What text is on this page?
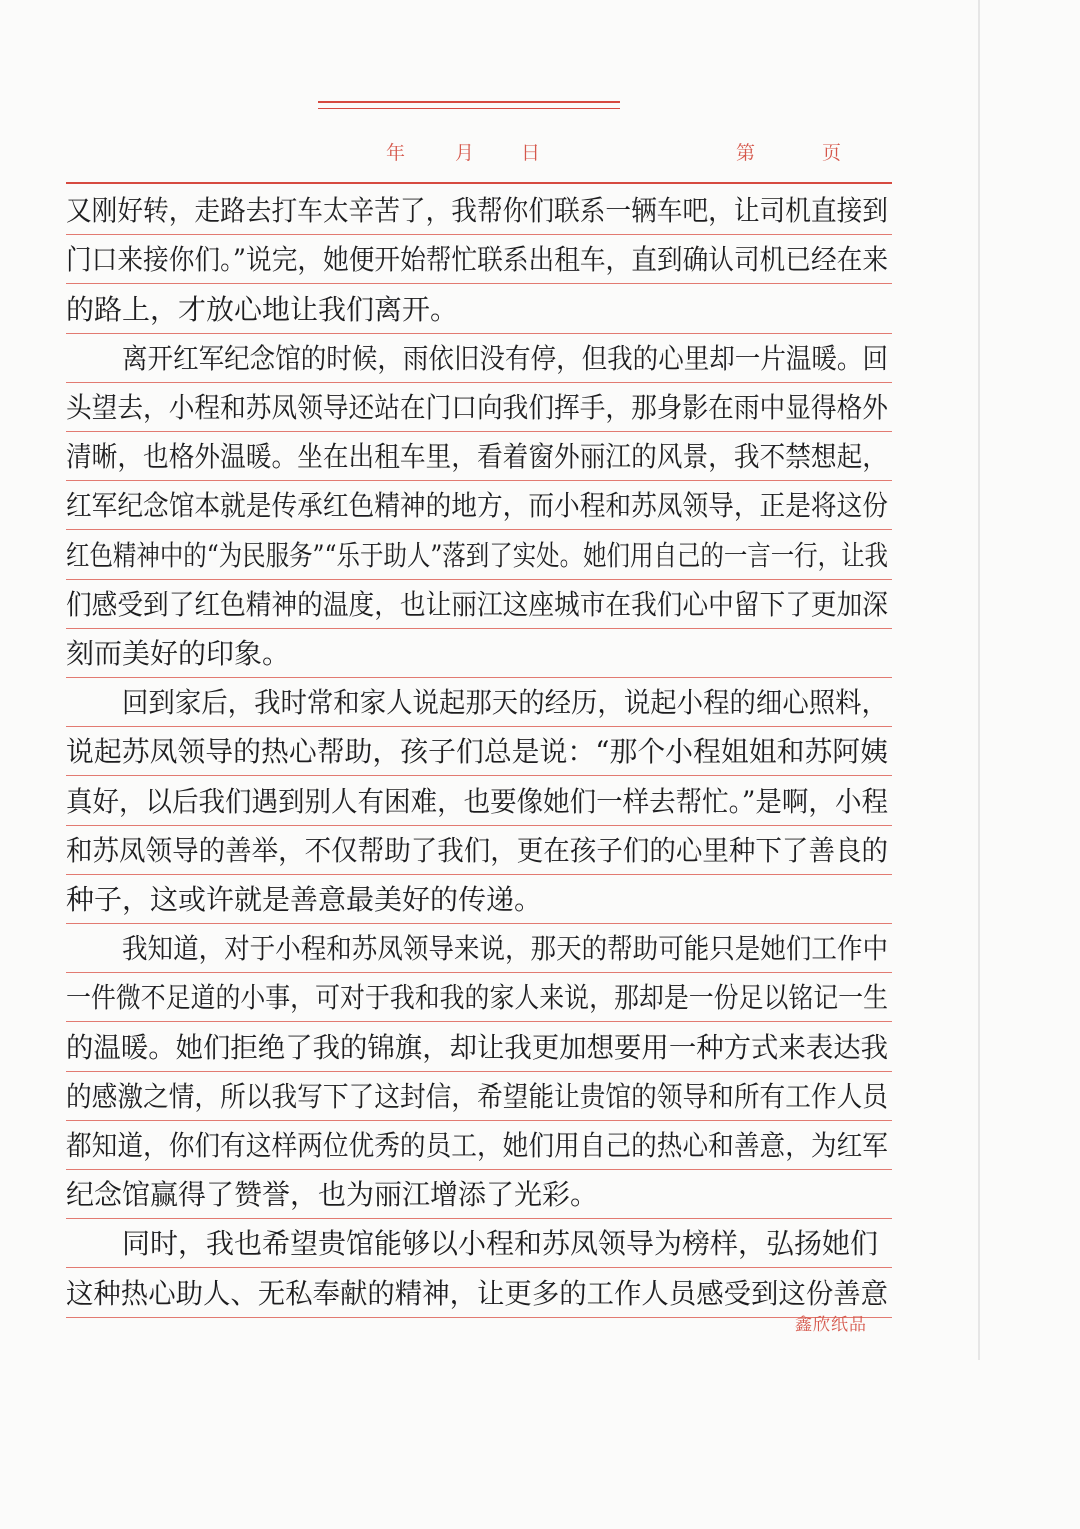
年	月 日	第	页
又刚好转，走路去打车太辛苦了，我帮你们联系一辆车吧，让司机直接到
门口来接你们。”说完，她便开始帮忙联系出租车，直到确认司机已经在来
的路上，才放心地让我们离开。
离开红军纪念馆的时候，雨依旧没有停，但我的心里却一片温暖。回
头望去，小程和苏凤领导还站在门口向我们挥手，那身影在雨中显得格外
清晰，也格外温暖。坐在出租车里，看着窗外丽江的风景，我不禁想起，
红军纪念馆本就是传承红色精神的地方，而小程和苏凤领导，正是将这份
红色精神中的“为民服务”“乐于助人”落到了实处。她们用自己的一言一行，让我
们感受到了红色精神的温度，也让丽江这座城市在我们心中留下了更加深
刻而美好的印象。
回到家后，我时常和家人说起那天的经历，说起小程的细心照料，
说起苏凤领导的热心帮助，孩子们总是说：“那个小程姐姐和苏阿姨
真好，以后我们遇到别人有困难，也要像她们一样去帮忙。”是啊，小程
和苏凤领导的善举，不仅帮助了我们，更在孩子们的心里种下了善良的
种子，这或许就是善意最美好的传递。
我知道，对于小程和苏凤领导来说，那天的帮助可能只是她们工作中
一件微不足道的小事，可对于我和我的家人来说，那却是一份足以铭记一生
的温暖。她们拒绝了我的锦旗，却让我更加想要用一种方式来表达我
的感激之情，所以我写下了这封信，希望能让贵馆的领导和所有工作人员
都知道，你们有这样两位优秀的员工，她们用自己的热心和善意，为红军
纪念馆赢得了赞誉，也为丽江增添了光彩。
同时，我也希望贵馆能够以小程和苏凤领导为榜样，弘扬她们
这种热心助人、无私奉献的精神，让更多的工作人员感受到这份善意
鑫欣纸品
